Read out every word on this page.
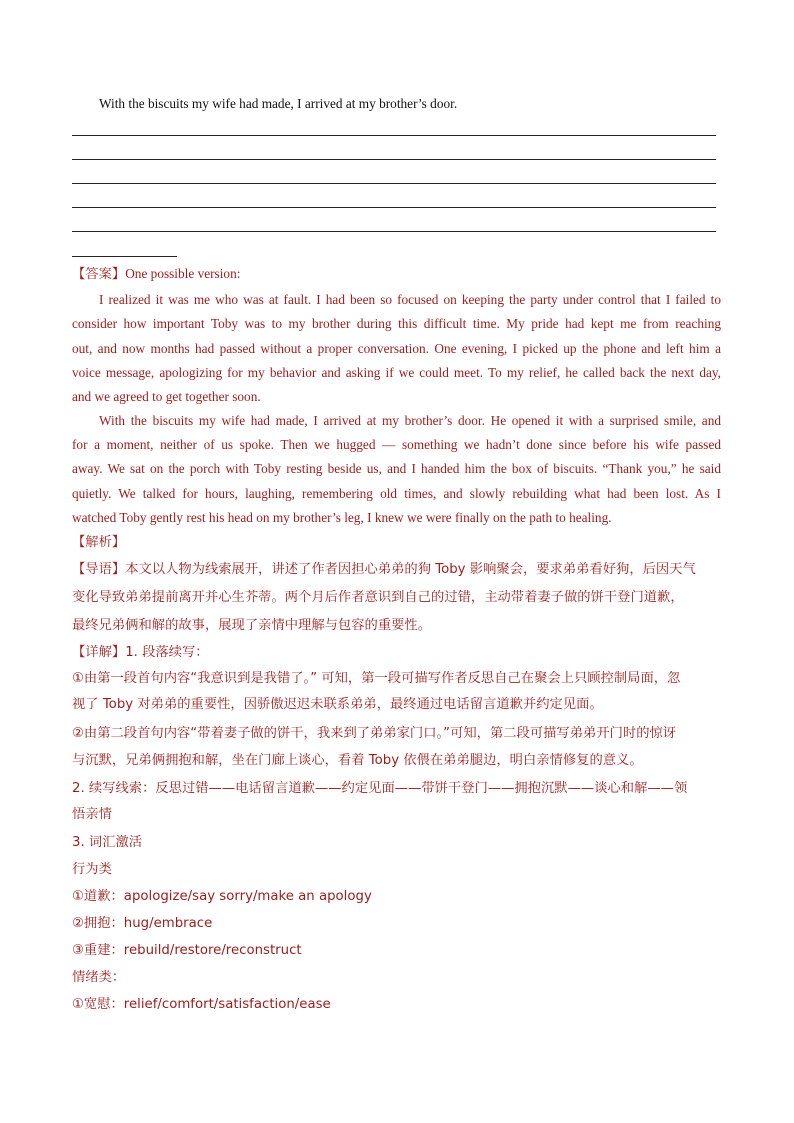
With the biscuits my wife had made, I arrived at my brother’s door.
【答案】One possible version:
I realized it was me who was at fault. I had been so focused on keeping the party under control that I failed to
consider how important Toby was to my brother during this difficult time. My pride had kept me from reaching
out, and now months had passed without a proper conversation. One evening, I picked up the phone and left him a
voice message, apologizing for my behavior and asking if we could meet. To my relief, he called back the next day,
and we agreed to get together soon.
With the biscuits my wife had made, I arrived at my brother’s door. He opened it with a surprised smile, and
for a moment, neither of us spoke. Then we hugged — something we hadn’t done since before his wife passed
away. We sat on the porch with Toby resting beside us, and I handed him the box of biscuits. “Thank you,” he said
quietly. We talked for hours, laughing, remembering old times, and slowly rebuilding what had been lost. As I
watched Toby gently rest his head on my brother’s leg, I knew we were finally on the path to healing.
【解析】
【导语】本文以人物为线索展开，讲述了作者因担心弟弟的狗 Toby 影响聚会，要求弟弟看好狗，后因天气
变化导致弟弟提前离开并心生芥蒂。两个月后作者意识到自己的过错，主动带着妻子做的饼干登门道歉，
最终兄弟俩和解的故事，展现了亲情中理解与包容的重要性。
【详解】1. 段落续写：
①由第一段首句内容“我意识到是我错了。” 可知，第一段可描写作者反思自己在聚会上只顾控制局面，忽
视了 Toby 对弟弟的重要性，因骄傲迟迟未联系弟弟，最终通过电话留言道歉并约定见面。
②由第二段首句内容“带着妻子做的饼干，我来到了弟弟家门口。”可知，第二段可描写弟弟开门时的惊讶
与沉默，兄弟俩拥抱和解，坐在门廊上谈心，看着 Toby 依偎在弟弟腿边，明白亲情修复的意义。
2. 续写线索：反思过错——电话留言道歉——约定见面——带饼干登门——拥抱沉默——谈心和解——领
悟亲情
3. 词汇激活
行为类
①道歉：apologize/say sorry/make an apology
②拥抱：hug/embrace
③重建：rebuild/restore/reconstruct
情绪类：
①宽慰：relief/comfort/satisfaction/ease
